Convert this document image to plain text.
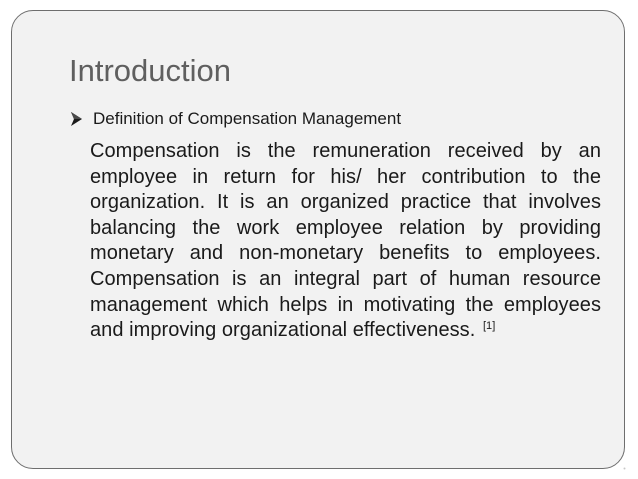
Introduction
Definition of Compensation Management

Compensation is the remuneration received by an employee in return for his/ her contribution to the organization. It is an organized practice that involves balancing the work employee relation by providing monetary and non-monetary benefits to employees. Compensation is an integral part of human resource management which helps in motivating the employees and improving organizational effectiveness. [1]
